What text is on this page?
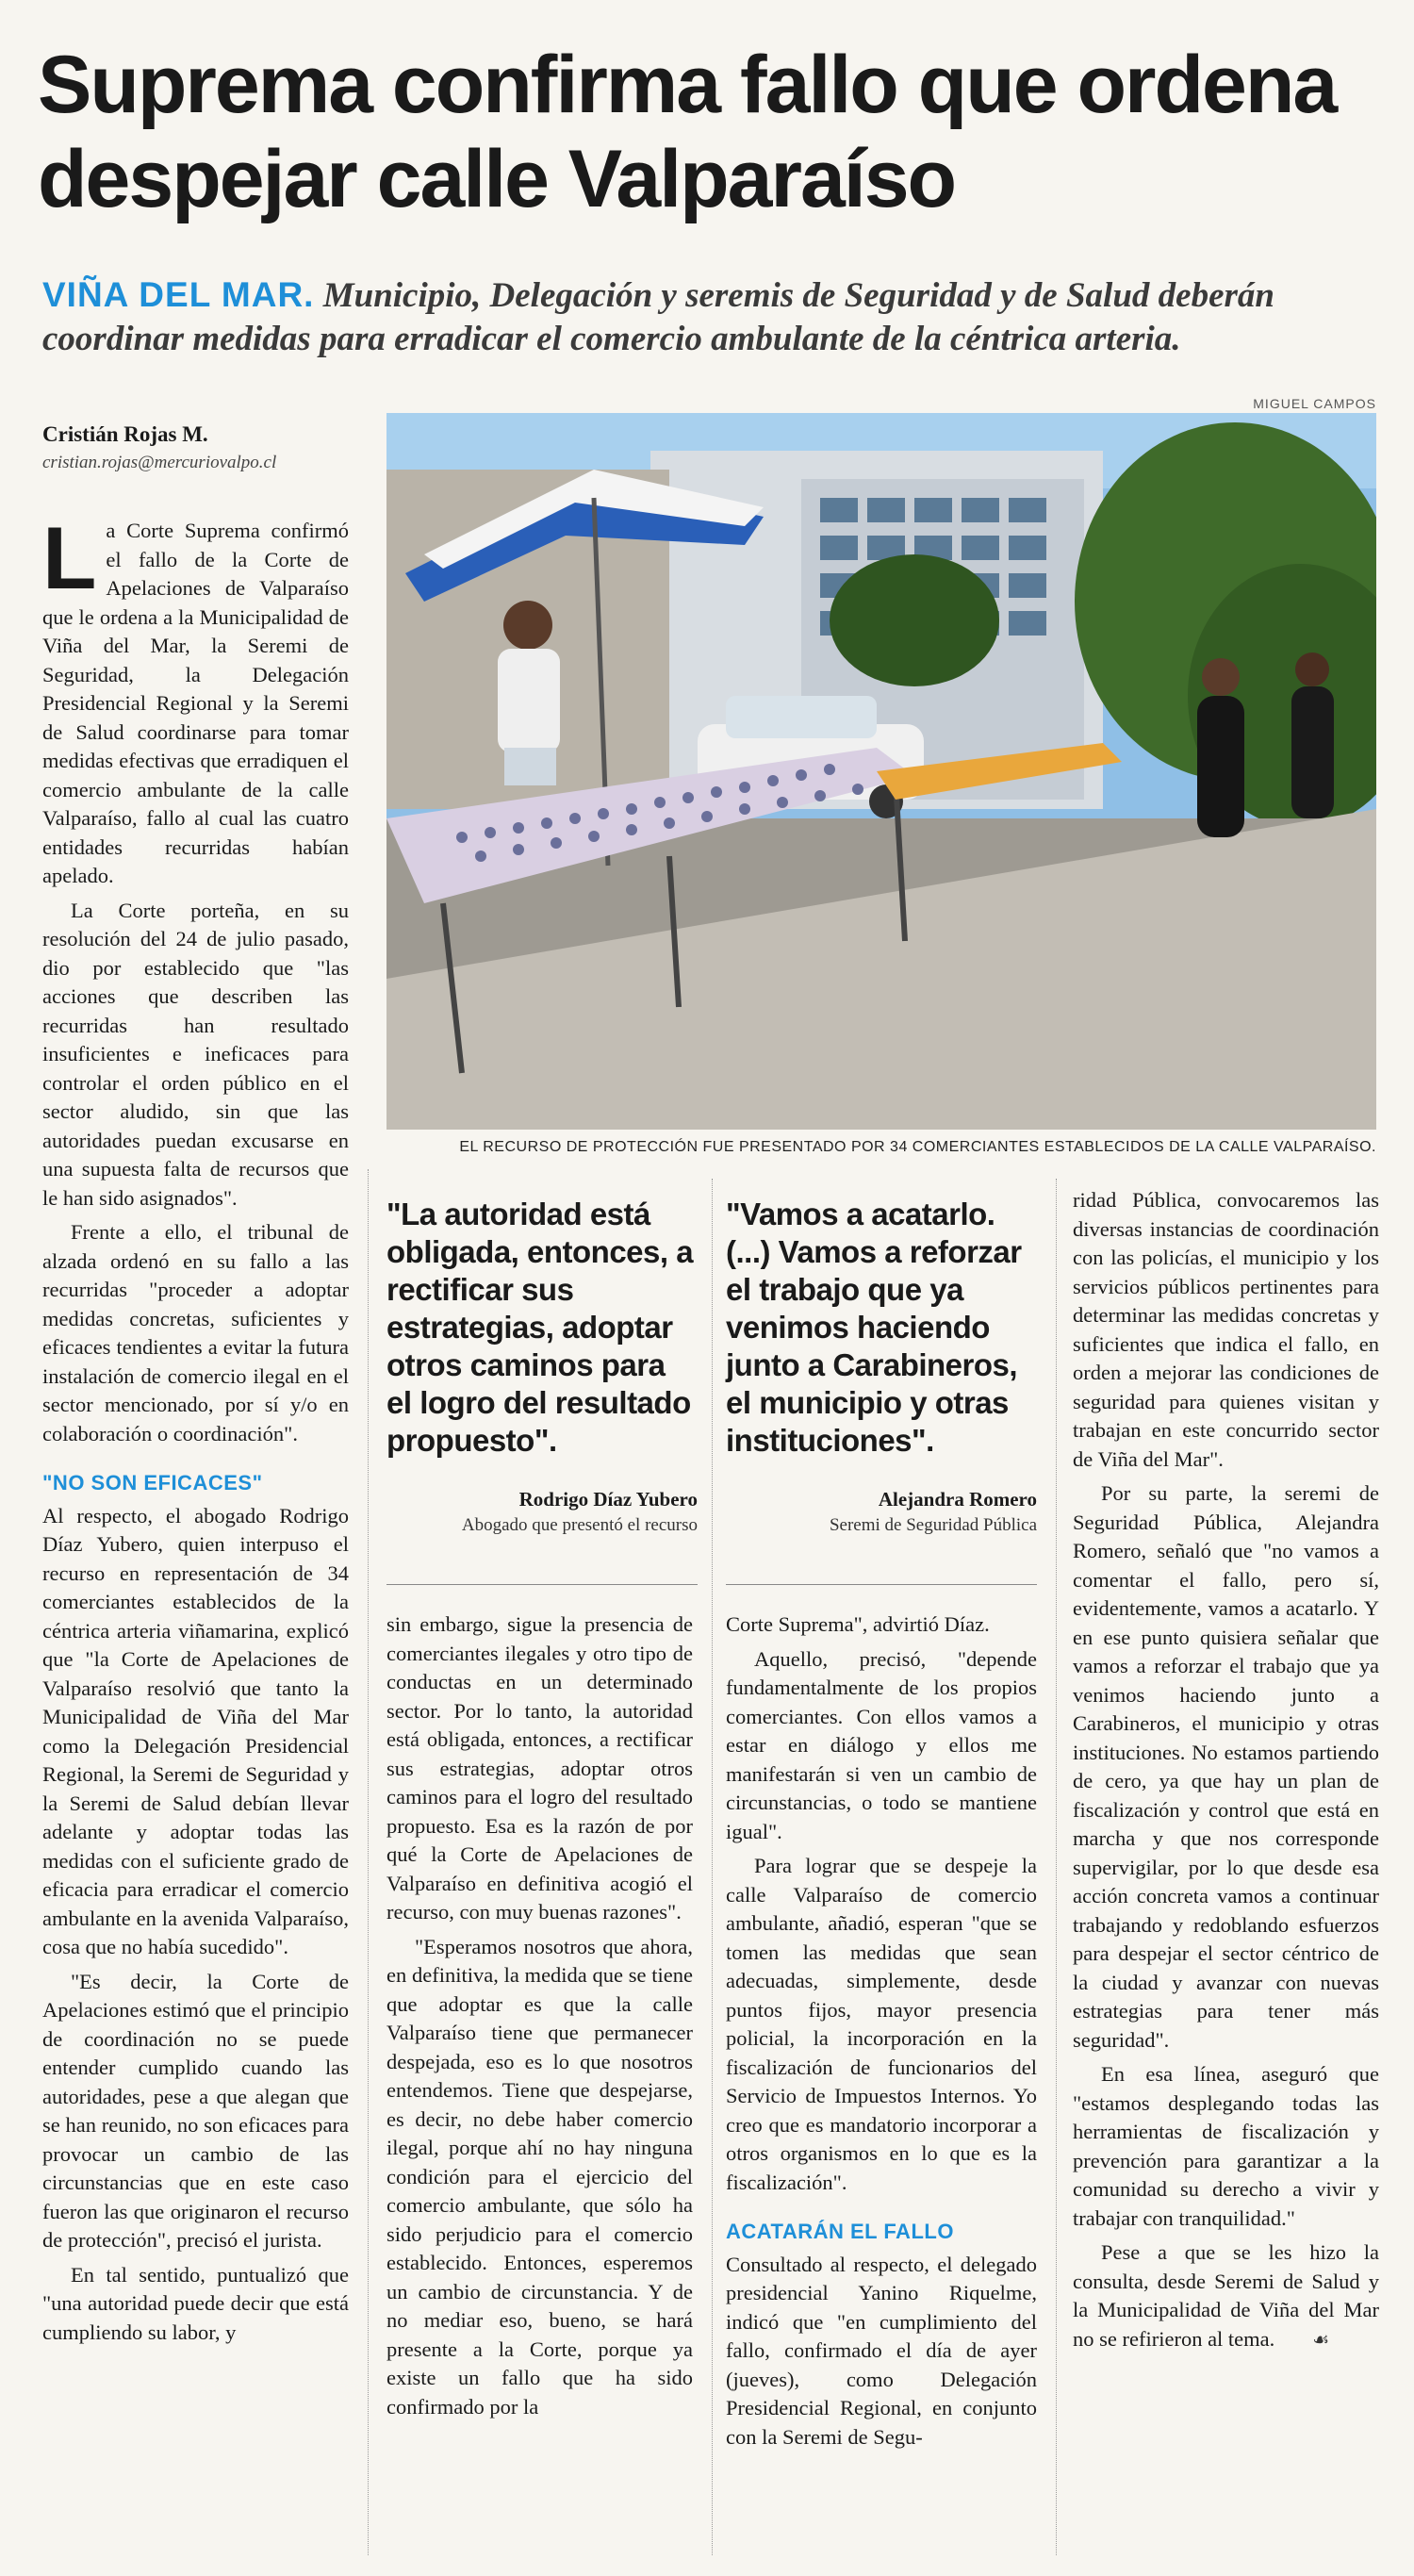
Suprema confirma fallo que ordena despejar calle Valparaíso
VIÑA DEL MAR. Municipio, Delegación y seremis de Seguridad y de Salud deberán coordinar medidas para erradicar el comercio ambulante de la céntrica arteria.
Cristián Rojas M.
cristian.rojas@mercuriovalpo.cl
MIGUEL CAMPOS
EL RECURSO DE PROTECCIÓN FUE PRESENTADO POR 34 COMERCIANTES ESTABLECIDOS DE LA CALLE VALPARAÍSO.

La Corte Suprema confirmó el fallo de la Corte de Apelaciones de Valparaíso que le ordena a la Municipalidad de Viña del Mar, la Seremi de Seguridad, la Delegación Presidencial Regional y la Seremi de Salud coordinarse para tomar medidas efectivas que erradiquen el comercio ambulante de la calle Valparaíso, fallo al cual las cuatro entidades recurridas habían apelado.

La Corte porteña, en su resolución del 24 de julio pasado, dio por establecido que "las acciones que describen las recurridas han resultado insuficientes e ineficaces para controlar el orden público en el sector aludido, sin que las autoridades puedan excusarse en una supuesta falta de recursos que le han sido asignados".

Frente a ello, el tribunal de alzada ordenó en su fallo a las recurridas "proceder a adoptar medidas concretas, suficientes y eficaces tendientes a evitar la futura instalación de comercio ilegal en el sector mencionado, por sí y/o en colaboración o coordinación".

"NO SON EFICACES"

Al respecto, el abogado Rodrigo Díaz Yubero, quien interpuso el recurso en representación de 34 comerciantes establecidos de la céntrica arteria viñamarina, explicó que "la Corte de Apelaciones de Valparaíso resolvió que tanto la Municipalidad de Viña del Mar como la Delegación Presidencial Regional, la Seremi de Seguridad y la Seremi de Salud debían llevar adelante y adoptar todas las medidas con el suficiente grado de eficacia para erradicar el comercio ambulante en la avenida Valparaíso, cosa que no había sucedido".

"Es decir, la Corte de Apelaciones estimó que el principio de coordinación no se puede entender cumplido cuando las autoridades, pese a que alegan que se han reunido, no son eficaces para provocar un cambio de las circunstancias que en este caso fueron las que originaron el recurso de protección", precisó el jurista.

En tal sentido, puntualizó que "una autoridad puede decir que está cumpliendo su labor, y

"La autoridad está obligada, entonces, a rectificar sus estrategias, adoptar otros caminos para el logro del resultado propuesto".
Rodrigo Díaz Yubero
Abogado que presentó el recurso
"Vamos a acatarlo. (...) Vamos a reforzar el trabajo que ya venimos haciendo junto a Carabineros, el municipio y otras instituciones".
Alejandra Romero
Seremi de Seguridad Pública

sin embargo, sigue la presencia de comerciantes ilegales y otro tipo de conductas en un determinado sector. Por lo tanto, la autoridad está obligada, entonces, a rectificar sus estrategias, adoptar otros caminos para el logro del resultado propuesto. Esa es la razón de por qué la Corte de Apelaciones de Valparaíso en definitiva acogió el recurso, con muy buenas razones".

"Esperamos nosotros que ahora, en definitiva, la medida que se tiene que adoptar es que la calle Valparaíso tiene que permanecer despejada, eso es lo que nosotros entendemos. Tiene que despejarse, es decir, no debe haber comercio ilegal, porque ahí no hay ninguna condición para el ejercicio del comercio ambulante, que sólo ha sido perjudicio para el comercio establecido. Entonces, esperemos un cambio de circunstancia. Y de no mediar eso, bueno, se hará presente a la Corte, porque ya existe un fallo que ha sido confirmado por la

Corte Suprema", advirtió Díaz.

Aquello, precisó, "depende fundamentalmente de los propios comerciantes. Con ellos vamos a estar en diálogo y ellos me manifestarán si ven un cambio de circunstancias, o todo se mantiene igual".

Para lograr que se despeje la calle Valparaíso de comercio ambulante, añadió, esperan "que se tomen las medidas que sean adecuadas, simplemente, desde puntos fijos, mayor presencia policial, la incorporación en la fiscalización de funcionarios del Servicio de Impuestos Internos. Yo creo que es mandatorio incorporar a otros organismos en lo que es la fiscalización".

ACATARÁN EL FALLO

Consultado al respecto, el delegado presidencial Yanino Riquelme, indicó que "en cumplimiento del fallo, confirmado el día de ayer (jueves), como Delegación Presidencial Regional, en conjunto con la Seremi de Segu-

ridad Pública, convocaremos las diversas instancias de coordinación con las policías, el municipio y los servicios públicos pertinentes para determinar las medidas concretas y suficientes que indica el fallo, en orden a mejorar las condiciones de seguridad para quienes visitan y trabajan en este concurrido sector de Viña del Mar".

Por su parte, la seremi de Seguridad Pública, Alejandra Romero, señaló que "no vamos a comentar el fallo, pero sí, evidentemente, vamos a acatarlo. Y en ese punto quisiera señalar que vamos a reforzar el trabajo que ya venimos haciendo junto a Carabineros, el municipio y otras instituciones. No estamos partiendo de cero, ya que hay un plan de fiscalización y control que está en marcha y que nos corresponde supervigilar, por lo que desde esa acción concreta vamos a continuar trabajando y redoblando esfuerzos para despejar el sector céntrico de la ciudad y avanzar con nuevas estrategias para tener más seguridad".

En esa línea, aseguró que "estamos desplegando todas las herramientas de fiscalización y prevención para garantizar a la comunidad su derecho a vivir y trabajar con tranquilidad."

Pese a que se les hizo la consulta, desde Seremi de Salud y la Municipalidad de Viña del Mar no se refirieron al tema. ☙
